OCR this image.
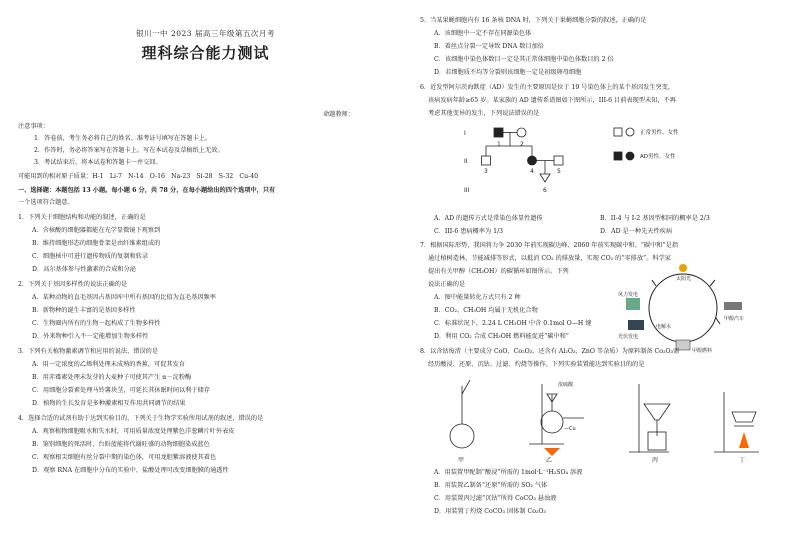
银川一中 2023 届高三年级第五次月考
理科综合能力测试
命题教师：
注意事项：
1．答卷前，考生务必将自己的姓名、准考证号填写在答题卡上。
2．作答时，务必将答案写在答题卡上。写在本试卷及草稿纸上无效。
3．考试结束后，将本试卷和答题卡一并交回。
可能用到的相对原子质量：H-1　Li-7　N-14　O-16　Na-23　Si-28　S-32　Cu-40
一、选择题：本题包括 13 小题。每小题 6 分，共 78 分，在每小题给出的四个选项中，只有
一个选项符合题意。
1．下列关于细胞结构和功能的叙述，正确的是
A．含核酸的细胞器都能在光学显微镜下观察到
B．维持细胞形态的细胞骨架是由纤维素组成的
C．细胞核中可进行遗传物质的复制和转录
D．高尔基体参与性激素的合成和分泌
2．下列关于基因多样性的说法正确的是
A．某种动物的直毛基因占基因库中所有基因的比值为直毛基因频率
B．新物种的诞生丰富的是基因多样性
C．生物圈内所有的生物一起构成了生物多样性
D．外来物种引入不一定能增加生物多样性
3．下列有关植物激素调节和应用的说法，错误的是
A．用一定浓度的乙烯利处理未成熟的香蕉，可促其发育
B．用赤霉素处理未发芽的大麦种子可使其产生 α－淀粉酶
C．用细胞分裂素处理马铃薯块茎，可延长其休眠时间以利于储存
D．植物的生长发育是多种激素相互作用共同调节的结果
4．选择合适的试剂有助于达到实验目的，下列关于生物学实验所用试剂的叙述，错误的是
A．观察植物细胞吸水和失水时，可用质量浓度处理紫色洋葱鳞片叶外表皮
B．鉴别细胞的死活时，台盼蓝能将代谢旺盛的动物细胞染成蓝色
C．观察根尖细胞有丝分裂中期的染色体，可用龙胆紫溶液使其着色
D．观察 RNA 在细胞中分布的实验中，盐酸处理可改变细胞膜的通透性
5．当某果蝇细胞内有 16 条核 DNA 时，下列关于果蝇细胞分裂的叙述，正确的是
A．该细胞中一定不存在同源染色体
B．着丝点分裂一定导致 DNA 数目加倍
C．该细胞中染色体数目一定是其正常体细胞中染色体数目的 2 倍
D．若细胞质不均等分裂则该细胞一定是初级卵母细胞
6．近发型阿尔茨海默症（AD）发生的主要原因是位于 19 号染色体上的某个基因发生突变，
该病发病年龄≥65 岁。某家族的 AD 遗传系谱图如下图所示，III-6 目前表现型未知，不再
考虑其他变异的发生，下列说法错误的是
I
II
III
1	2
3	4	5
6
正常男性、女性
AD男性、女性
A．AD 的遗传方式是常染色体显性遗传	B．II-4 与 I-2 基因型相同的概率是 2/3
C．III-6 患病概率为 1/3	D．AD 是一种先天性疾病
7．根据国际形势，我国将力争 2030 年前实现碳达峰、2060 年前实现碳中和。“碳中和”是指
通过植树造林、节能减排等形式，以抵消 CO₂ 的排放量，实现 CO₂ 的“零排放”。科学家
提出有关甲醇（CH₃OH）的碳循环如图所示。下列
说法正确的是
A．图中能量转化方式只有 2 种
B．CO₂、CH₃OH 均属于无机化合物
C．标准状况下，2.24 L CH₃OH 中含 0.1mol O—H 键
D．利用 CO₂ 合成 CH₃OH 燃料能促进“碳中和”
太阳光
风力发电
光伏发电
甲醇燃料
甲醇汽车
电解水
8．以含钴废渣（主要成分 CoO、Co₂O₃，还含有 Al₂O₃、ZnO 等杂质）为原料制备 Co₂O₃需
经历酸浸、还原、沉钴、过滤、灼烧等操作。下列实验装置能达到实验目的的是
甲	乙	丙	丁
浓硫酸
—Cu
A．用装置甲配制“酸浸”所需的 1mol·L⁻¹H₂SO₄ 溶液
B．用装置乙制备“还原”所需的 SO₂ 气体
C．用装置丙过滤“沉钴”所得 CoCO₃ 悬浊液
D．用装置丁灼烧 CoCO₃ 固体制 Co₂O₃
